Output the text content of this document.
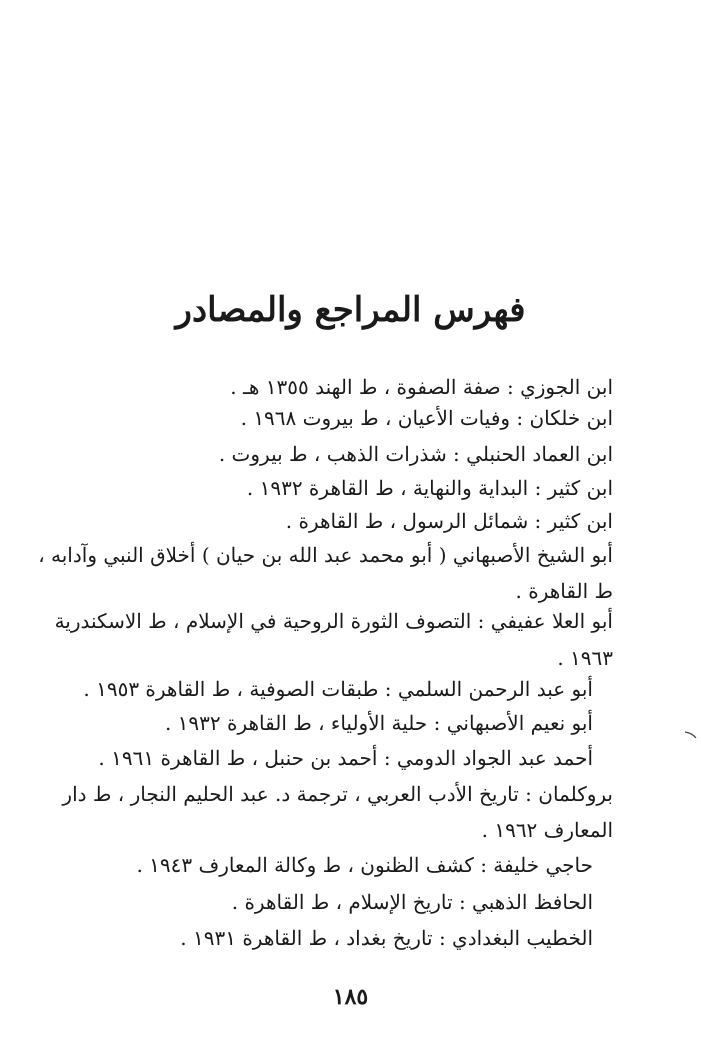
فهرس المراجع والمصادر

ابن الجوزي : صفة الصفوة ، ط الهند ١٣٥٥ هـ .

ابن خلكان : وفيات الأعيان ، ط بيروت ١٩٦٨ .

ابن العماد الحنبلي : شذرات الذهب ، ط بيروت .

ابن كثير : البداية والنهاية ، ط القاهرة ١٩٣٢ .

ابن كثير : شمائل الرسول ، ط القاهرة .

أبو الشيخ الأصبهاني ( أبو محمد عبد الله بن حيان ) أخلاق النبي وآدابه ،

ط القاهرة .

أبو العلا عفيفي : التصوف الثورة الروحية في الإسلام ، ط الاسكندرية

١٩٦٣ .

أبو عبد الرحمن السلمي : طبقات الصوفية ، ط القاهرة ١٩٥٣ .

أبو نعيم الأصبهاني : حلية الأولياء ، ط القاهرة ١٩٣٢ .

أحمد عبد الجواد الدومي : أحمد بن حنبل ، ط القاهرة ١٩٦١ .

بروكلمان : تاريخ الأدب العربي ، ترجمة د. عبد الحليم النجار ، ط دار

المعارف ١٩٦٢ .

حاجي خليفة : كشف الظنون ، ط وكالة المعارف ١٩٤٣ .

الحافظ الذهبي : تاريخ الإسلام ، ط القاهرة .

الخطيب البغدادي : تاريخ بغداد ، ط القاهرة ١٩٣١ .

١٨٥
